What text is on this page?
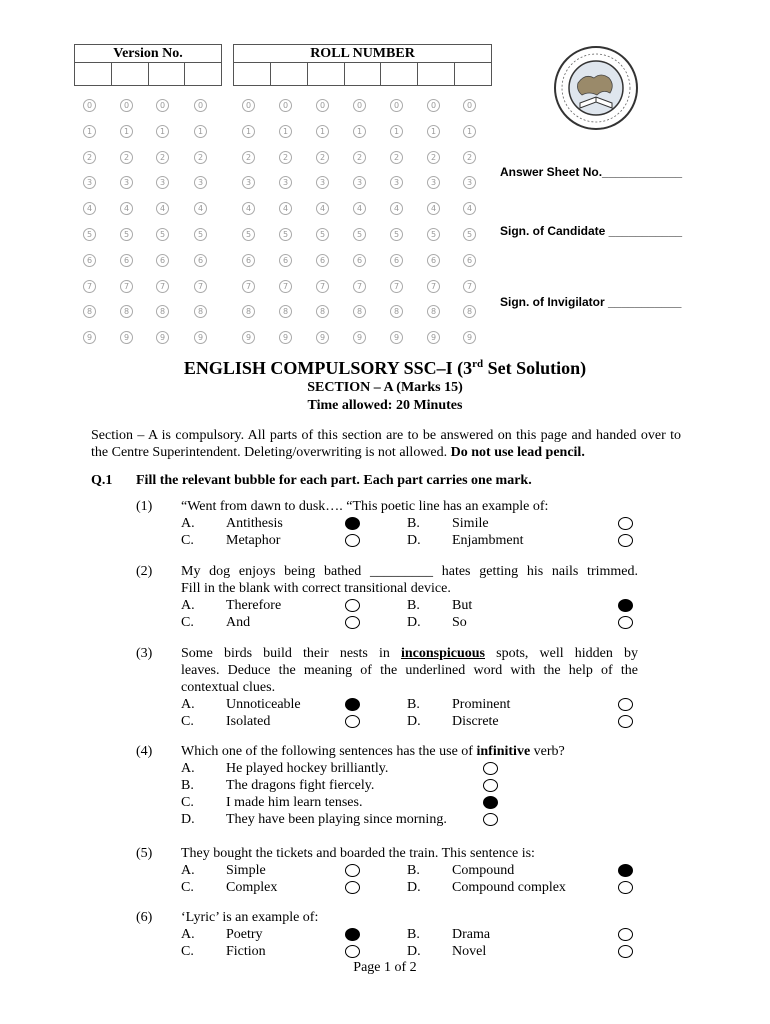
Version No.	ROLL NUMBER
0	0	0	0	0	0	0	0	0	0	0
1	1	1	1	1	1	1	1	1	1	1
2	2	2	2	2	2	2	2	2	2	2
3	3	3	3	3	3	3	3	3	3	3
4	4	4	4	4	4	4	4	4	4	4
5	5	5	5	5	5	5	5	5	5	5
6	6	6	6	6	6	6	6	6	6	6
7	7	7	7	7	7	7	7	7	7	7
8	8	8	8	8	8	8	8	8	8	8
9	9	9	9	9	9	9	9	9	9	9
Answer Sheet No.____________
Sign. of Candidate ___________
Sign. of Invigilator ___________
ENGLISH COMPULSORY SSC–I (3rd Set Solution)
SECTION – A (Marks 15)
Time allowed: 20 Minutes
Section – A is compulsory. All parts of this section are to be answered on this page and handed over to the Centre Superintendent. Deleting/overwriting is not allowed. Do not use lead pencil.
Q.1 Fill the relevant bubble for each part. Each part carries one mark.
(1) “Went from dawn to dusk…. “This poetic line has an example of:
A. Antithesis	B. Simile
C. Metaphor	D. Enjambment
(2) My dog enjoys being bathed _________ hates getting his nails trimmed.
Fill in the blank with correct transitional device.
A. Therefore	B. But
C. And	D. So
(3) Some birds build their nests in inconspicuous spots, well hidden by
leaves. Deduce the meaning of the underlined word with the help of the
contextual clues.
A. Unnoticeable	B. Prominent
C. Isolated	D. Discrete
(4) Which one of the following sentences has the use of infinitive verb?
A. He played hockey brilliantly.
B. The dragons fight fiercely.
C. I made him learn tenses.
D. They have been playing since morning.
(5) They bought the tickets and boarded the train. This sentence is:
A. Simple	B. Compound
C. Complex	D. Compound complex
(6) ‘Lyric’ is an example of:
A. Poetry	B. Drama
C. Fiction	D. Novel
Page 1 of 2
